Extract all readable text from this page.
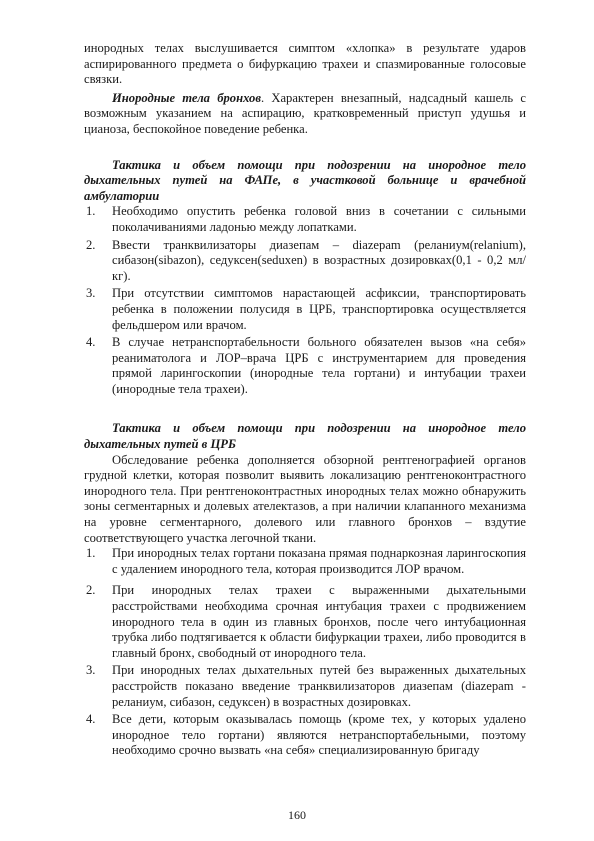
инородных телах выслушивается симптом «хлопка» в результате ударов аспирированного предмета о бифуркацию трахеи и спазмированные голосовые связки.

Инородные тела бронхов. Характерен внезапный, надсадный кашель с возможным указанием на аспирацию, кратковременный приступ удушья и цианоза, беспокойное поведение ребенка.

Тактика и объем помощи при подозрении на инородное тело дыхательных путей на ФАПе, в участковой больнице и врачебной амбулатории

1. Необходимо опустить ребенка головой вниз в сочетании с сильными поколачиваниями ладонью между лопатками.
2. Ввести транквилизаторы диазепам – diazepam (реланиум(relanium), сибазон(sibazon), седуксен(seduxen) в возрастных дозировках(0,1 - 0,2 мл/кг).
3. При отсутствии симптомов нарастающей асфиксии, транспортировать ребенка в положении полусидя в ЦРБ, транспортировка осуществляется фельдшером или врачом.
4. В случае нетранспортабельности больного обязателен вызов «на себя» реаниматолога и ЛОР–врача ЦРБ с инструментарием для проведения прямой ларингоскопии (инородные тела гортани) и интубации трахеи (инородные тела трахеи).

Тактика и объем помощи при подозрении на инородное тело дыхательных путей в ЦРБ

Обследование ребенка дополняется обзорной рентгенографией органов грудной клетки, которая позволит выявить локализацию рентгеноконтрастного инородного тела. При рентгеноконтрастных инородных телах можно обнаружить зоны сегментарных и долевых ателектазов, а при наличии клапанного механизма на уровне сегментарного, долевого или главного бронхов – вздутие соответствующего участка легочной ткани.

1. При инородных телах гортани показана прямая поднаркозная ларингоскопия с удалением инородного тела, которая производится ЛОР врачом.
2. При инородных телах трахеи с выраженными дыхательными расстройствами необходима срочная интубация трахеи с продвижением инородного тела в один из главных бронхов, после чего интубационная трубка либо подтягивается к области бифуркации трахеи, либо проводится в главный бронх, свободный от инородного тела.
3. При инородных телах дыхательных путей без выраженных дыхательных расстройств показано введение транквилизаторов диазепам (diazepam - реланиум, сибазон, седуксен) в возрастных дозировках.
4. Все дети, которым оказывалась помощь (кроме тех, у которых удалено инородное тело гортани) являются нетранспортабельными, поэтому необходимо срочно вызвать «на себя» специализированную бригаду
160
